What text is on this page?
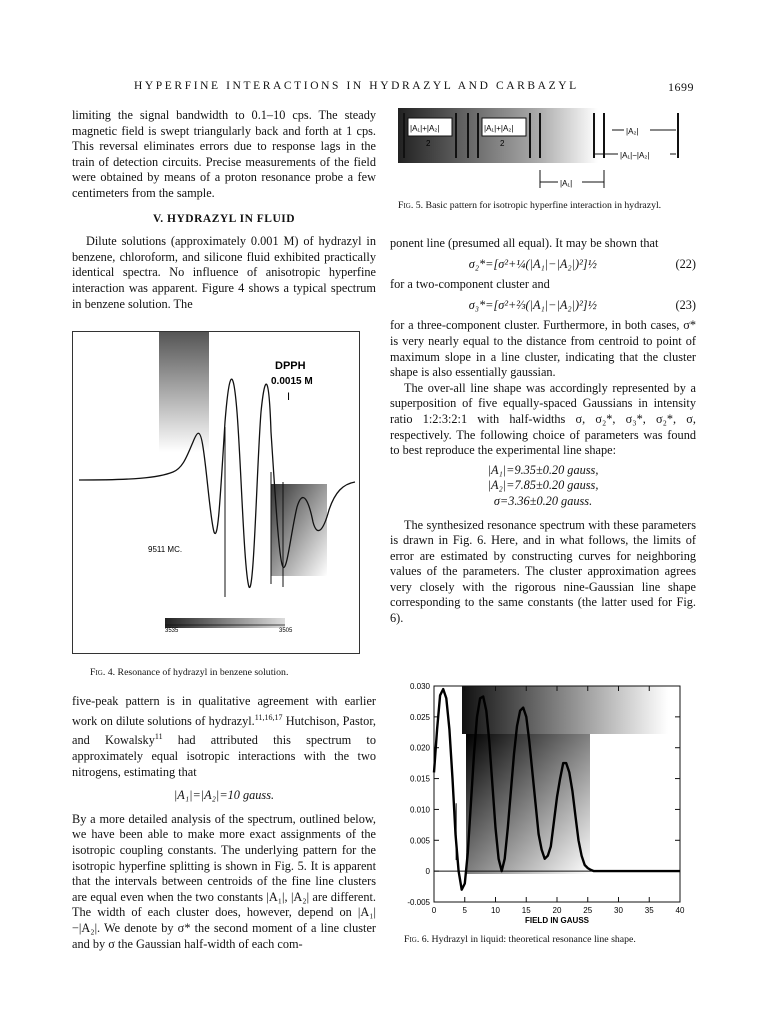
HYPERFINE INTERACTIONS IN HYDRAZYL AND CARBAZYL	1699

limiting the signal bandwidth to 0.1–10 cps. The steady magnetic field is swept triangularly back and forth at 1 cps. This reversal eliminates errors due to response lags in the train of detection circuits. Precise measurements of the field were obtained by means of a proton resonance probe a few centimeters from the sample.

V. HYDRAZYL IN FLUID

Dilute solutions (approximately 0.001 M) of hydrazyl in benzene, chloroform, and silicone fluid exhibited practically identical spectra. No influence of anisotropic hyperfine interaction was apparent. Figure 4 shows a typical spectrum in benzene solution. The

DPPH
0.0015 M
I
9511 MC.
3535	3505
Fig. 4. Resonance of hydrazyl in benzene solution.

five-peak pattern is in qualitative agreement with earlier work on dilute solutions of hydrazyl.$^{11,16,17}$ Hutchison, Pastor, and Kowalsky$^{11}$ had attributed this spectrum to approximately equal isotropic interactions with the two nitrogens, estimating that

|A₁|=|A₂|=10 gauss.

By a more detailed analysis of the spectrum, outlined below, we have been able to make more exact assignments of the isotropic coupling constants. The underlying pattern for the isotropic hyperfine splitting is shown in Fig. 5. It is apparent that the intervals between centroids of the fine line clusters are equal even when the two constants |A₁|, |A₂| are different. The width of each cluster does, however, depend on |A₁|−|A₂|. We denote by σ* the second moment of a line cluster and by σ the Gaussian half-width of each com-

|A₁|+|A₂|
2
|A₁|+|A₂|
2
|A₂|
|A₁|−|A₂|
|A₁|
Fig. 5. Basic pattern for isotropic hyperfine interaction in hydrazyl.

ponent line (presumed all equal). It may be shown that

σ₂*=[σ²+¼(|A₁|−|A₂|)²]½	(22)

for a two-component cluster and

σ₃*=[σ²+⅔(|A₁|−|A₂|)²]½	(23)

for a three-component cluster. Furthermore, in both cases, σ* is very nearly equal to the distance from centroid to point of maximum slope in a line cluster, indicating that the cluster shape is also essentially gaussian.

The over-all line shape was accordingly represented by a superposition of five equally-spaced Gaussians in intensity ratio 1:2:3:2:1 with half-widths σ, σ₂*, σ₃*, σ₂*, σ, respectively. The following choice of parameters was found to best reproduce the experimental line shape:

|A₁|=9.35±0.20 gauss,

|A₂|=7.85±0.20 gauss,

σ=3.36±0.20 gauss.

The synthesized resonance spectrum with these parameters is drawn in Fig. 6. Here, and in what follows, the limits of error are estimated by constructing curves for neighboring values of the parameters. The cluster approximation agrees very closely with the rigorous nine-Gaussian line shape corresponding to the same constants (the latter used for Fig. 6).

-0.005
0
0.005
0.010
0.015
0.020
0.025
0.030
0	5	10	15	20	25	30	35	40
FIELD IN GAUSS
Fig. 6. Hydrazyl in liquid: theoretical resonance line shape.
